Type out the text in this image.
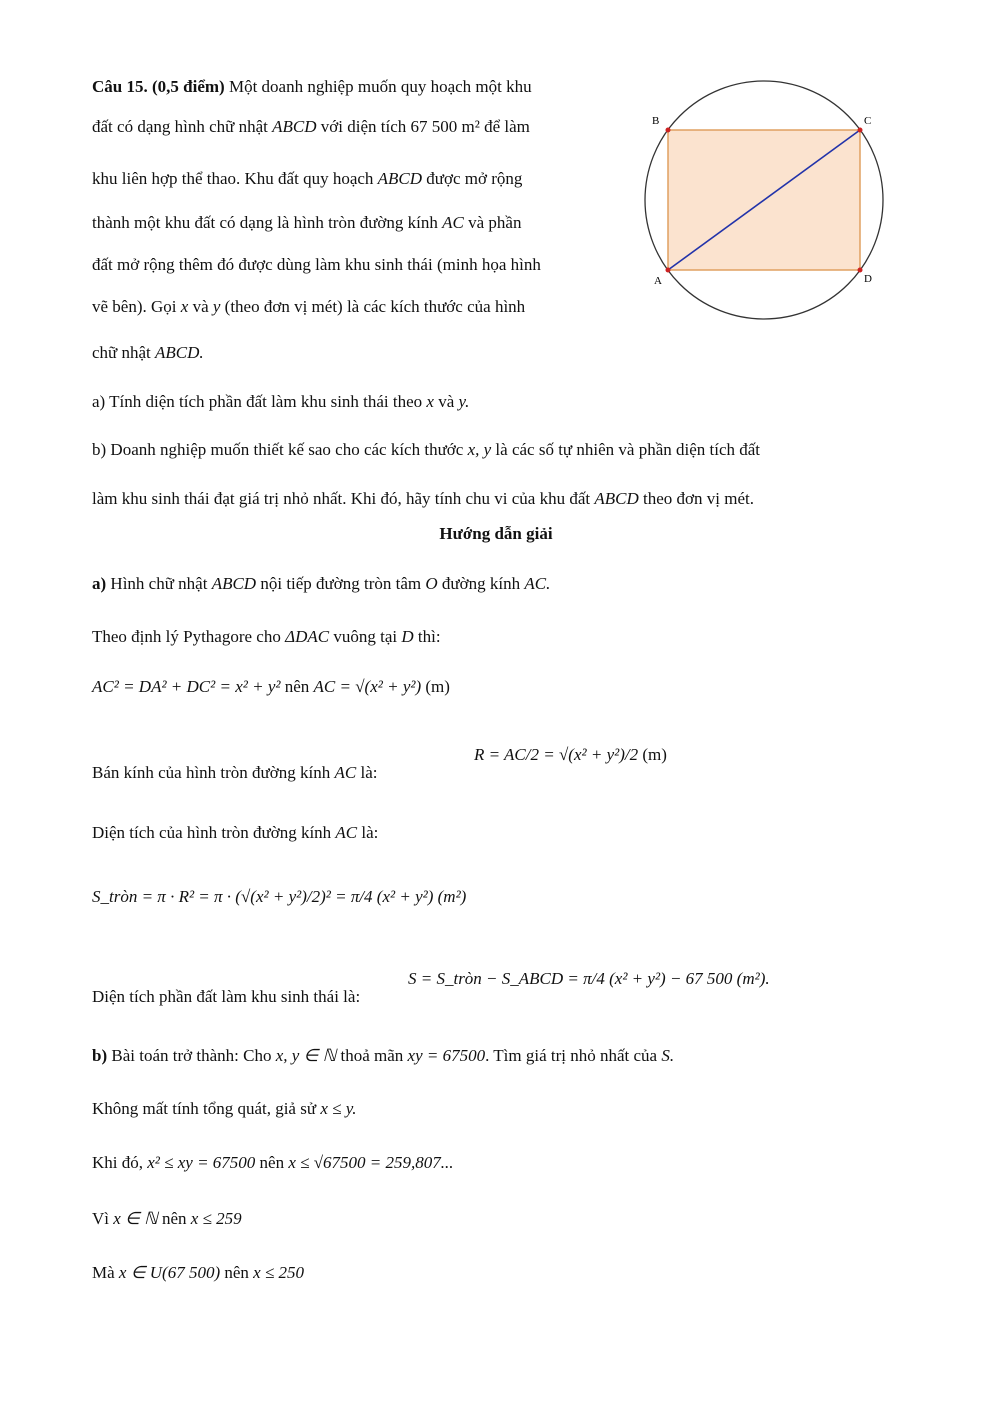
Câu 15. (0,5 điểm) Một doanh nghiệp muốn quy hoạch một khu
đất có dạng hình chữ nhật ABCD với diện tích 67 500 m² để làm
khu liên hợp thể thao. Khu đất quy hoạch ABCD được mở rộng
thành một khu đất có dạng là hình tròn đường kính AC và phần
đất mở rộng thêm đó được dùng làm khu sinh thái (minh họa hình
vẽ bên). Gọi x và y (theo đơn vị mét) là các kích thước của hình
chữ nhật ABCD.
a) Tính diện tích phần đất làm khu sinh thái theo x và y.
b) Doanh nghiệp muốn thiết kế sao cho các kích thước x, y là các số tự nhiên và phần diện tích đất
làm khu sinh thái đạt giá trị nhỏ nhất. Khi đó, hãy tính chu vi của khu đất ABCD theo đơn vị mét.
B	C
A	D
Hướng dẫn giải
a) Hình chữ nhật ABCD nội tiếp đường tròn tâm O đường kính AC.
Theo định lý Pythagore cho ΔDAC vuông tại D thì:
AC² = DA² + DC² = x² + y² nên AC = √(x² + y²) (m)
Bán kính của hình tròn đường kính AC là:
R = AC/2 = √(x² + y²)/2 (m)
Diện tích của hình tròn đường kính AC là:
S_tròn = π · R² = π · (√(x² + y²)/2)² = π/4 (x² + y²) (m²)
Diện tích phần đất làm khu sinh thái là:
S = S_tròn − S_ABCD = π/4 (x² + y²) − 67 500 (m²).
b) Bài toán trở thành: Cho x, y ∈ ℕ thoả mãn xy = 67500. Tìm giá trị nhỏ nhất của S.
Không mất tính tổng quát, giả sử x ≤ y.
Khi đó, x² ≤ xy = 67500 nên x ≤ √67500 = 259,807...
Vì x ∈ ℕ nên x ≤ 259
Mà x ∈ U(67 500) nên x ≤ 250
